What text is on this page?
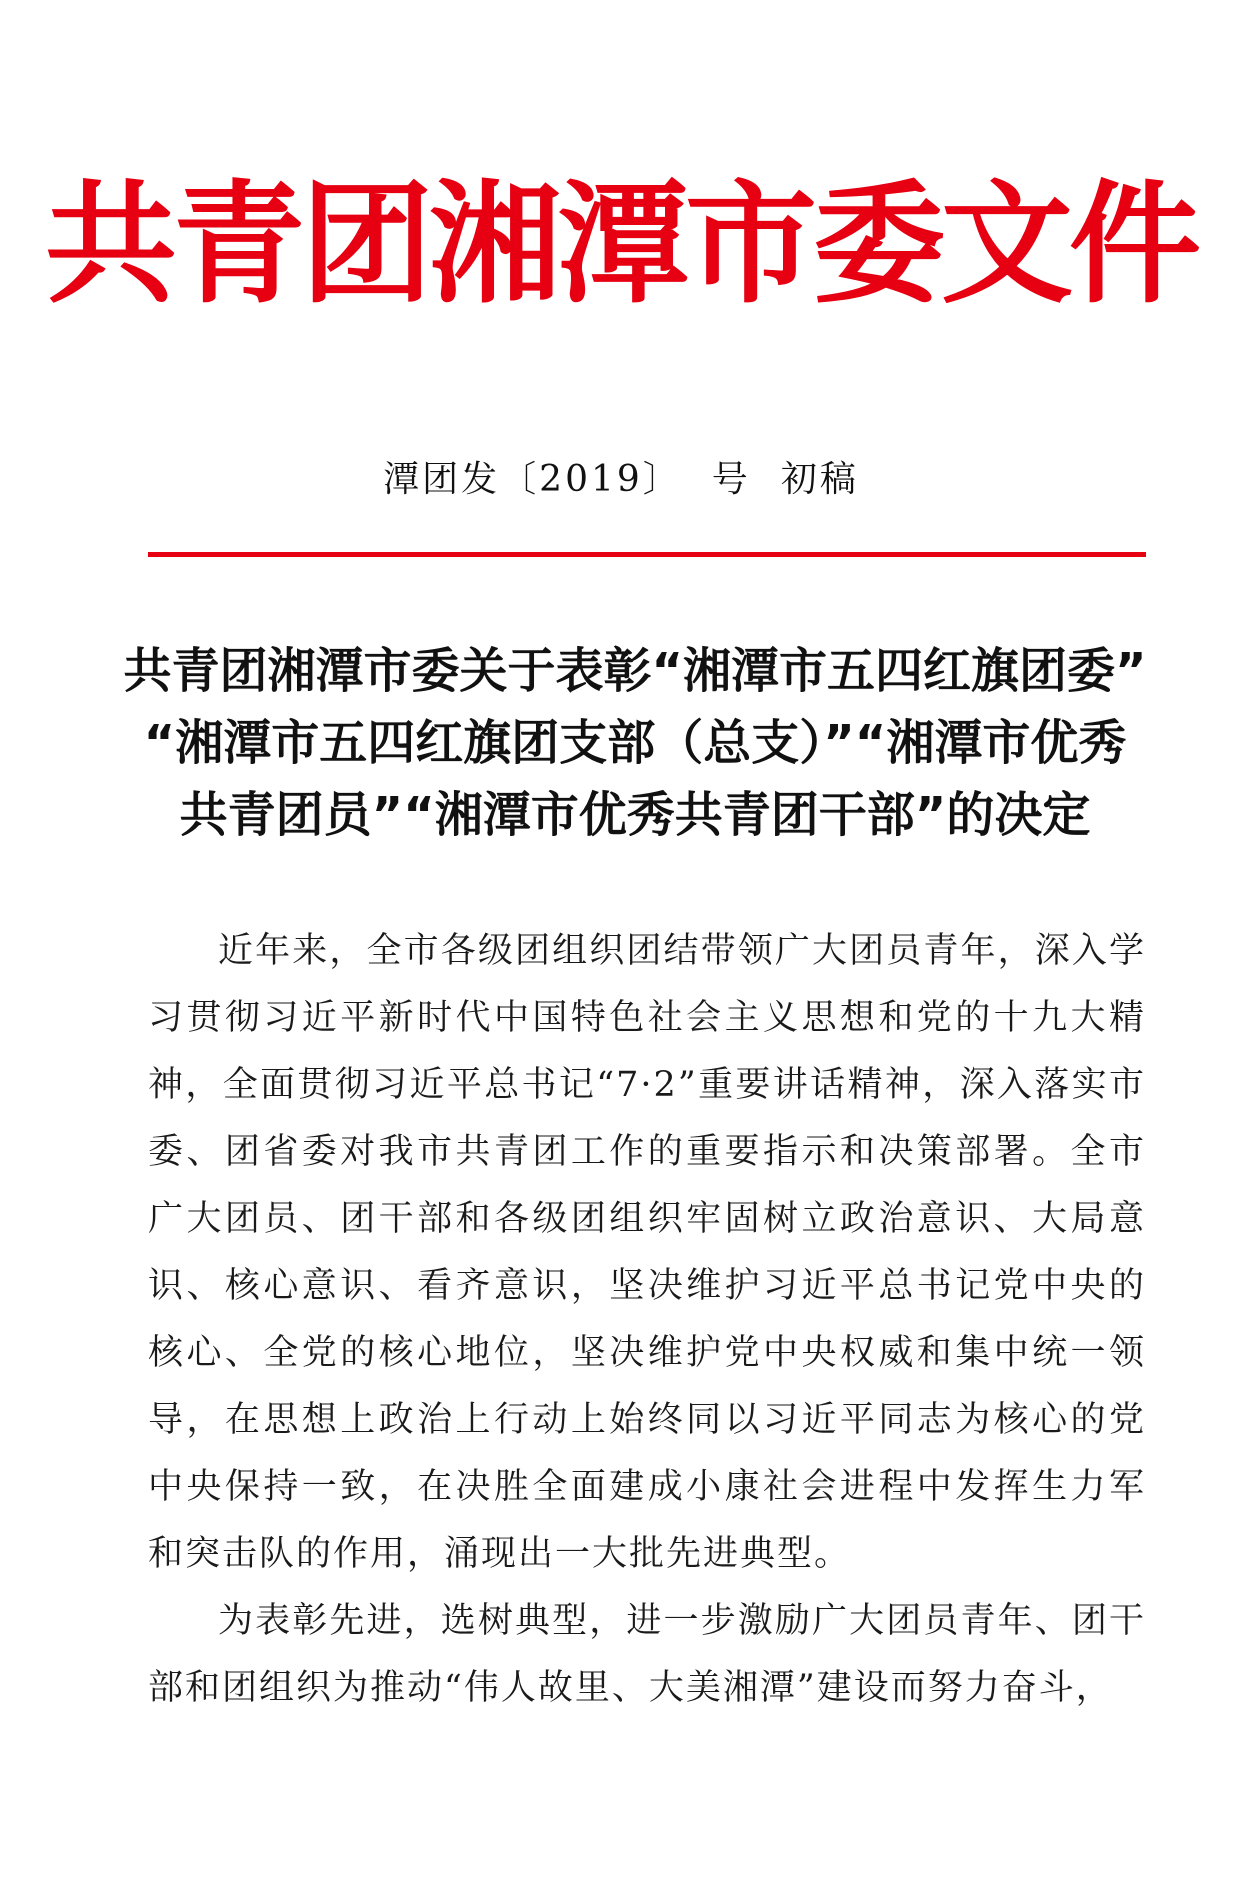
共青团湘潭市委文件
潭团发〔2019〕 号 初稿
共青团湘潭市委关于表彰“湘潭市五四红旗团委”
“湘潭市五四红旗团支部（总支）”“湘潭市优秀
共青团员”“湘潭市优秀共青团干部”的决定

近年来，全市各级团组织团结带领广大团员青年，深入学习贯彻习近平新时代中国特色社会主义思想和党的十九大精神，全面贯彻习近平总书记“7·2”重要讲话精神，深入落实市委、团省委对我市共青团工作的重要指示和决策部署。全市广大团员、团干部和各级团组织牢固树立政治意识、大局意识、核心意识、看齐意识，坚决维护习近平总书记党中央的核心、全党的核心地位，坚决维护党中央权威和集中统一领导，在思想上政治上行动上始终同以习近平同志为核心的党中央保持一致，在决胜全面建成小康社会进程中发挥生力军和突击队的作用，涌现出一大批先进典型。

为表彰先进，选树典型，进一步激励广大团员青年、团干部和团组织为推动“伟人故里、大美湘潭”建设而努力奋斗，
